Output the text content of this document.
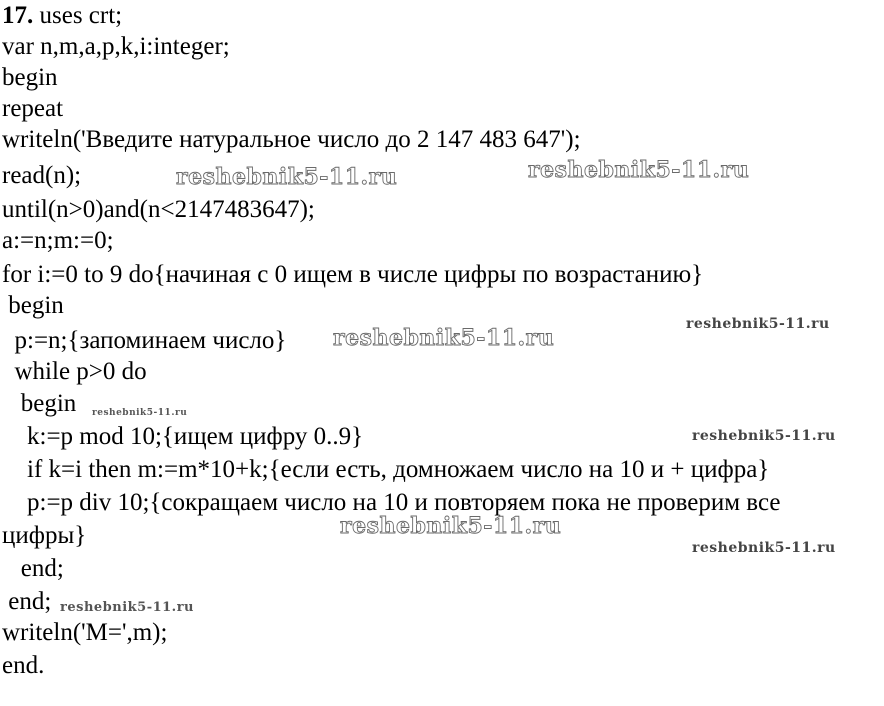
17. uses crt;
var n,m,a,p,k,i:integer;
begin
repeat
writeln('Введите натуральное число до 2 147 483 647');
read(n);
until(n>0)and(n<2147483647);
a:=n;m:=0;
for i:=0 to 9 do{начиная с 0 ищем в числе цифры по возрастанию}
begin
p:=n;{запоминаем число}
while p>0 do
begin
k:=p mod 10;{ищем цифру 0..9}
if k=i then m:=m*10+k;{если есть, домножаем число на 10 и + цифра}
p:=p div 10;{сокращаем число на 10 и повторяем пока не проверим все
цифры}
end;
end;
writeln('M=',m);
end.
reshebnik5-11.ru	reshebnik5-11.ru
reshebnik5-11.ru
reshebnik5-11.ru
reshebnik5-11.ru
reshebnik5-11.ru
reshebnik5-11.ru
reshebnik5-11.ru
reshebnik5-11.ru
